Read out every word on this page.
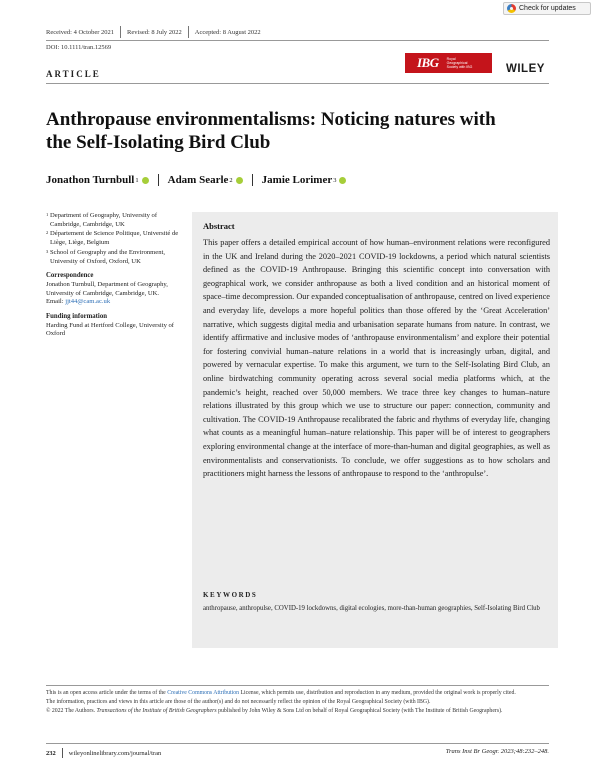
Check for updates
Received: 4 October 2021	Revised: 8 July 2022	Accepted: 8 August 2022
DOI: 10.1111/tran.12569
IBG Royal Geographical Society with IBG	WILEY
ARTICLE
Anthropause environmentalisms: Noticing natures with
the Self-Isolating Bird Club
Jonathon Turnbull 1	Adam Searle 2	Jamie Lorimer 3
1 Department of Geography, University of Cambridge, Cambridge, UK
2 Département de Science Politique, Université de Liège, Liège, Belgium
3 School of Geography and the Environment, University of Oxford, Oxford, UK
Correspondence
Jonathon Turnbull, Department of Geography, University of Cambridge, Cambridge, UK.
Email: jjt44@cam.ac.uk
Funding information
Harding Fund at Hertford College, University of Oxford
Abstract

This paper offers a detailed empirical account of how human–environment relations were reconfigured in the UK and Ireland during the 2020–2021 COVID-19 lockdowns, a period which natural scientists defined as the COVID-19 Anthropause. Bringing this scientific concept into conversation with geographical work, we consider anthropause as both a lived condition and an historical moment of space–time decompression. Our expanded conceptualisation of anthropause, centred on lived experience and everyday life, develops a more hopeful politics than those offered by the ‘Great Acceleration’ narrative, which suggests digital media and urbanisation separate humans from nature. In contrast, we identify affirmative and inclusive modes of ‘anthropause environmentalism’ and explore their potential for fostering convivial human–nature relations in a world that is increasingly urban, digital, and powered by vernacular expertise. To make this argument, we turn to the Self-Isolating Bird Club, an online birdwatching community operating across several social media platforms which, at the pandemic’s height, reached over 50,000 members. We trace three key changes to human–nature relations illustrated by this group which we use to structure our paper: connection, community and cultivation. The COVID-19 Anthropause recalibrated the fabric and rhythms of everyday life, changing what counts as a meaningful human–nature relationship. This paper will be of interest to geographers exploring environmental change at the interface of more-than-human and digital geographies, as well as environmentalists and conservationists. To conclude, we offer suggestions as to how scholars and practitioners might harness the lessons of anthropause to respond to the ‘anthropulse’.

KEYWORDS
anthropause, anthropulse, COVID-19 lockdowns, digital ecologies, more-than-human geographies, Self-Isolating Bird Club

This is an open access article under the terms of the Creative Commons Attribution License, which permits use, distribution and reproduction in any medium, provided the original work is properly cited.

The information, practices and views in this article are those of the author(s) and do not necessarily reflect the opinion of the Royal Geographical Society (with IBG).

© 2022 The Authors. Transactions of the Institute of British Geographers published by John Wiley & Sons Ltd on behalf of Royal Geographical Society (with The Institute of British Geographers).

232 wileyonlinelibrary.com/journal/tran	Trans Inst Br Geogr. 2023;48:232–248.
